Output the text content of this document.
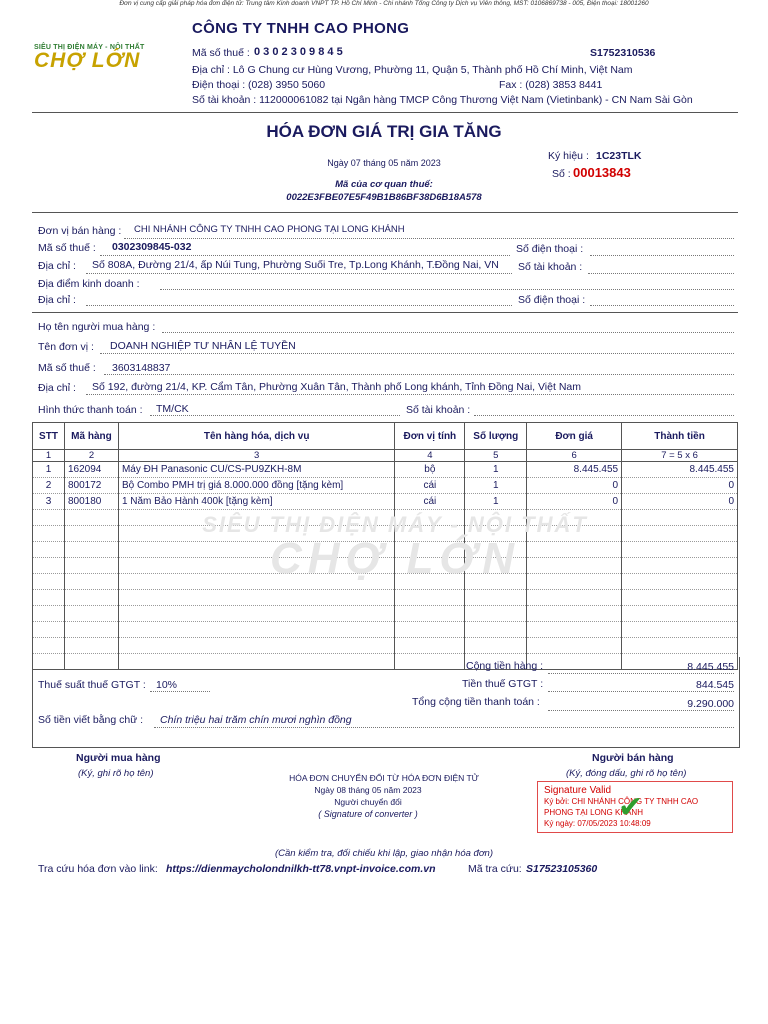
Đơn vị cung cấp giải pháp hóa đơn điện tử: Trung tâm Kinh doanh VNPT TP. Hồ Chí Minh - Chi nhánh Tổng Công ty Dịch vụ Viễn thông, MST: 0106869738 - 005, Điện thoại: 18001260
SIÊU THỊ ĐIỆN MÁY - NỘI THẤT
CHỢ LỚN
CÔNG TY TNHH CAO PHONG
Mã số thuế : 0 3 0 2 3 0 9 8 4 5	S1752310536
Địa chỉ : Lô G Chung cư Hùng Vương, Phường 11, Quận 5, Thành phố Hồ Chí Minh, Việt Nam
Điện thoại : (028) 3950 5060	Fax : (028) 3853 8441
Số tài khoản : 112000061082 tại Ngân hàng TMCP Công Thương Việt Nam (Vietinbank) - CN Nam Sài Gòn
HÓA ĐƠN GIÁ TRỊ GIA TĂNG
Ngày 07 tháng 05 năm 2023
Ký hiệu : 1C23TLK
Số : 00013843
Mã của cơ quan thuế:
0022E3FBE07E5F49B1B86BF38D6B18A578
Đơn vị bán hàng : CHI NHÁNH CÔNG TY TNHH CAO PHONG TẠI LONG KHÁNH
Mã số thuế : 0302309845-032	Số điện thoại :
Địa chỉ : Số 808A, Đường 21/4, ấp Núi Tung, Phường Suối Tre, Tp.Long Khánh, T.Đồng Nai, VN Số tài khoản :
Địa điểm kinh doanh :
Địa chỉ :	Số điện thoại :
Họ tên người mua hàng :
Tên đơn vị : DOANH NGHIỆP TƯ NHÂN LỆ TUYỀN
Mã số thuế : 3603148837
Địa chỉ : Số 192, đường 21/4, KP. Cẩm Tân, Phường Xuân Tân, Thành phố Long khánh, Tỉnh Đồng Nai, Việt Nam
Hình thức thanh toán : TM/CK	Số tài khoản :
STT	Mã hàng	Tên hàng hóa, dịch vụ	Đơn vị tính	Số lượng	Đơn giá	Thành tiền
1	2	3	4	5	6	7 = 5 x 6
1	162094	Máy ĐH Panasonic CU/CS-PU9ZKH-8M	bộ	1	8.445.455	8.445.455
2	800172	Bộ Combo PMH trị giá 8.000.000 đồng [tặng kèm]	cái	1	0	0
3	800180	1 Năm Bảo Hành 400k [tặng kèm]	cái	1	0	0

SIÊU THỊ ĐIỆN MÁY - NỘI THẤT
CHỢ LỚN
Cộng tiền hàng :	8.445.455
Thuế suất thuế GTGT : 10%	Tiền thuế GTGT :	844.545
Tổng cộng tiền thanh toán :	9.290.000
Số tiền viết bằng chữ : Chín triệu hai trăm chín mươi nghìn đồng
Người mua hàng
(Ký, ghi rõ họ tên)
Người bán hàng
(Ký, đóng dấu, ghi rõ họ tên)
HÓA ĐƠN CHUYỂN ĐỔI TỪ HÓA ĐƠN ĐIỆN TỬ
Ngày 08 tháng 05 năm 2023
Người chuyển đổi
( Signature of converter )
Signature Valid
Ký bởi: CHI NHÁNH CÔNG TY TNHH CAO PHONG TẠI LONG KHÁNH
Ký ngày: 07/05/2023 10:48:09
✔
(Cần kiểm tra, đối chiếu khi lập, giao nhận hóa đơn)
Tra cứu hóa đơn vào link: https://dienmaycholondnilkh-tt78.vnpt-invoice.com.vn	Mã tra cứu: S17523105360
